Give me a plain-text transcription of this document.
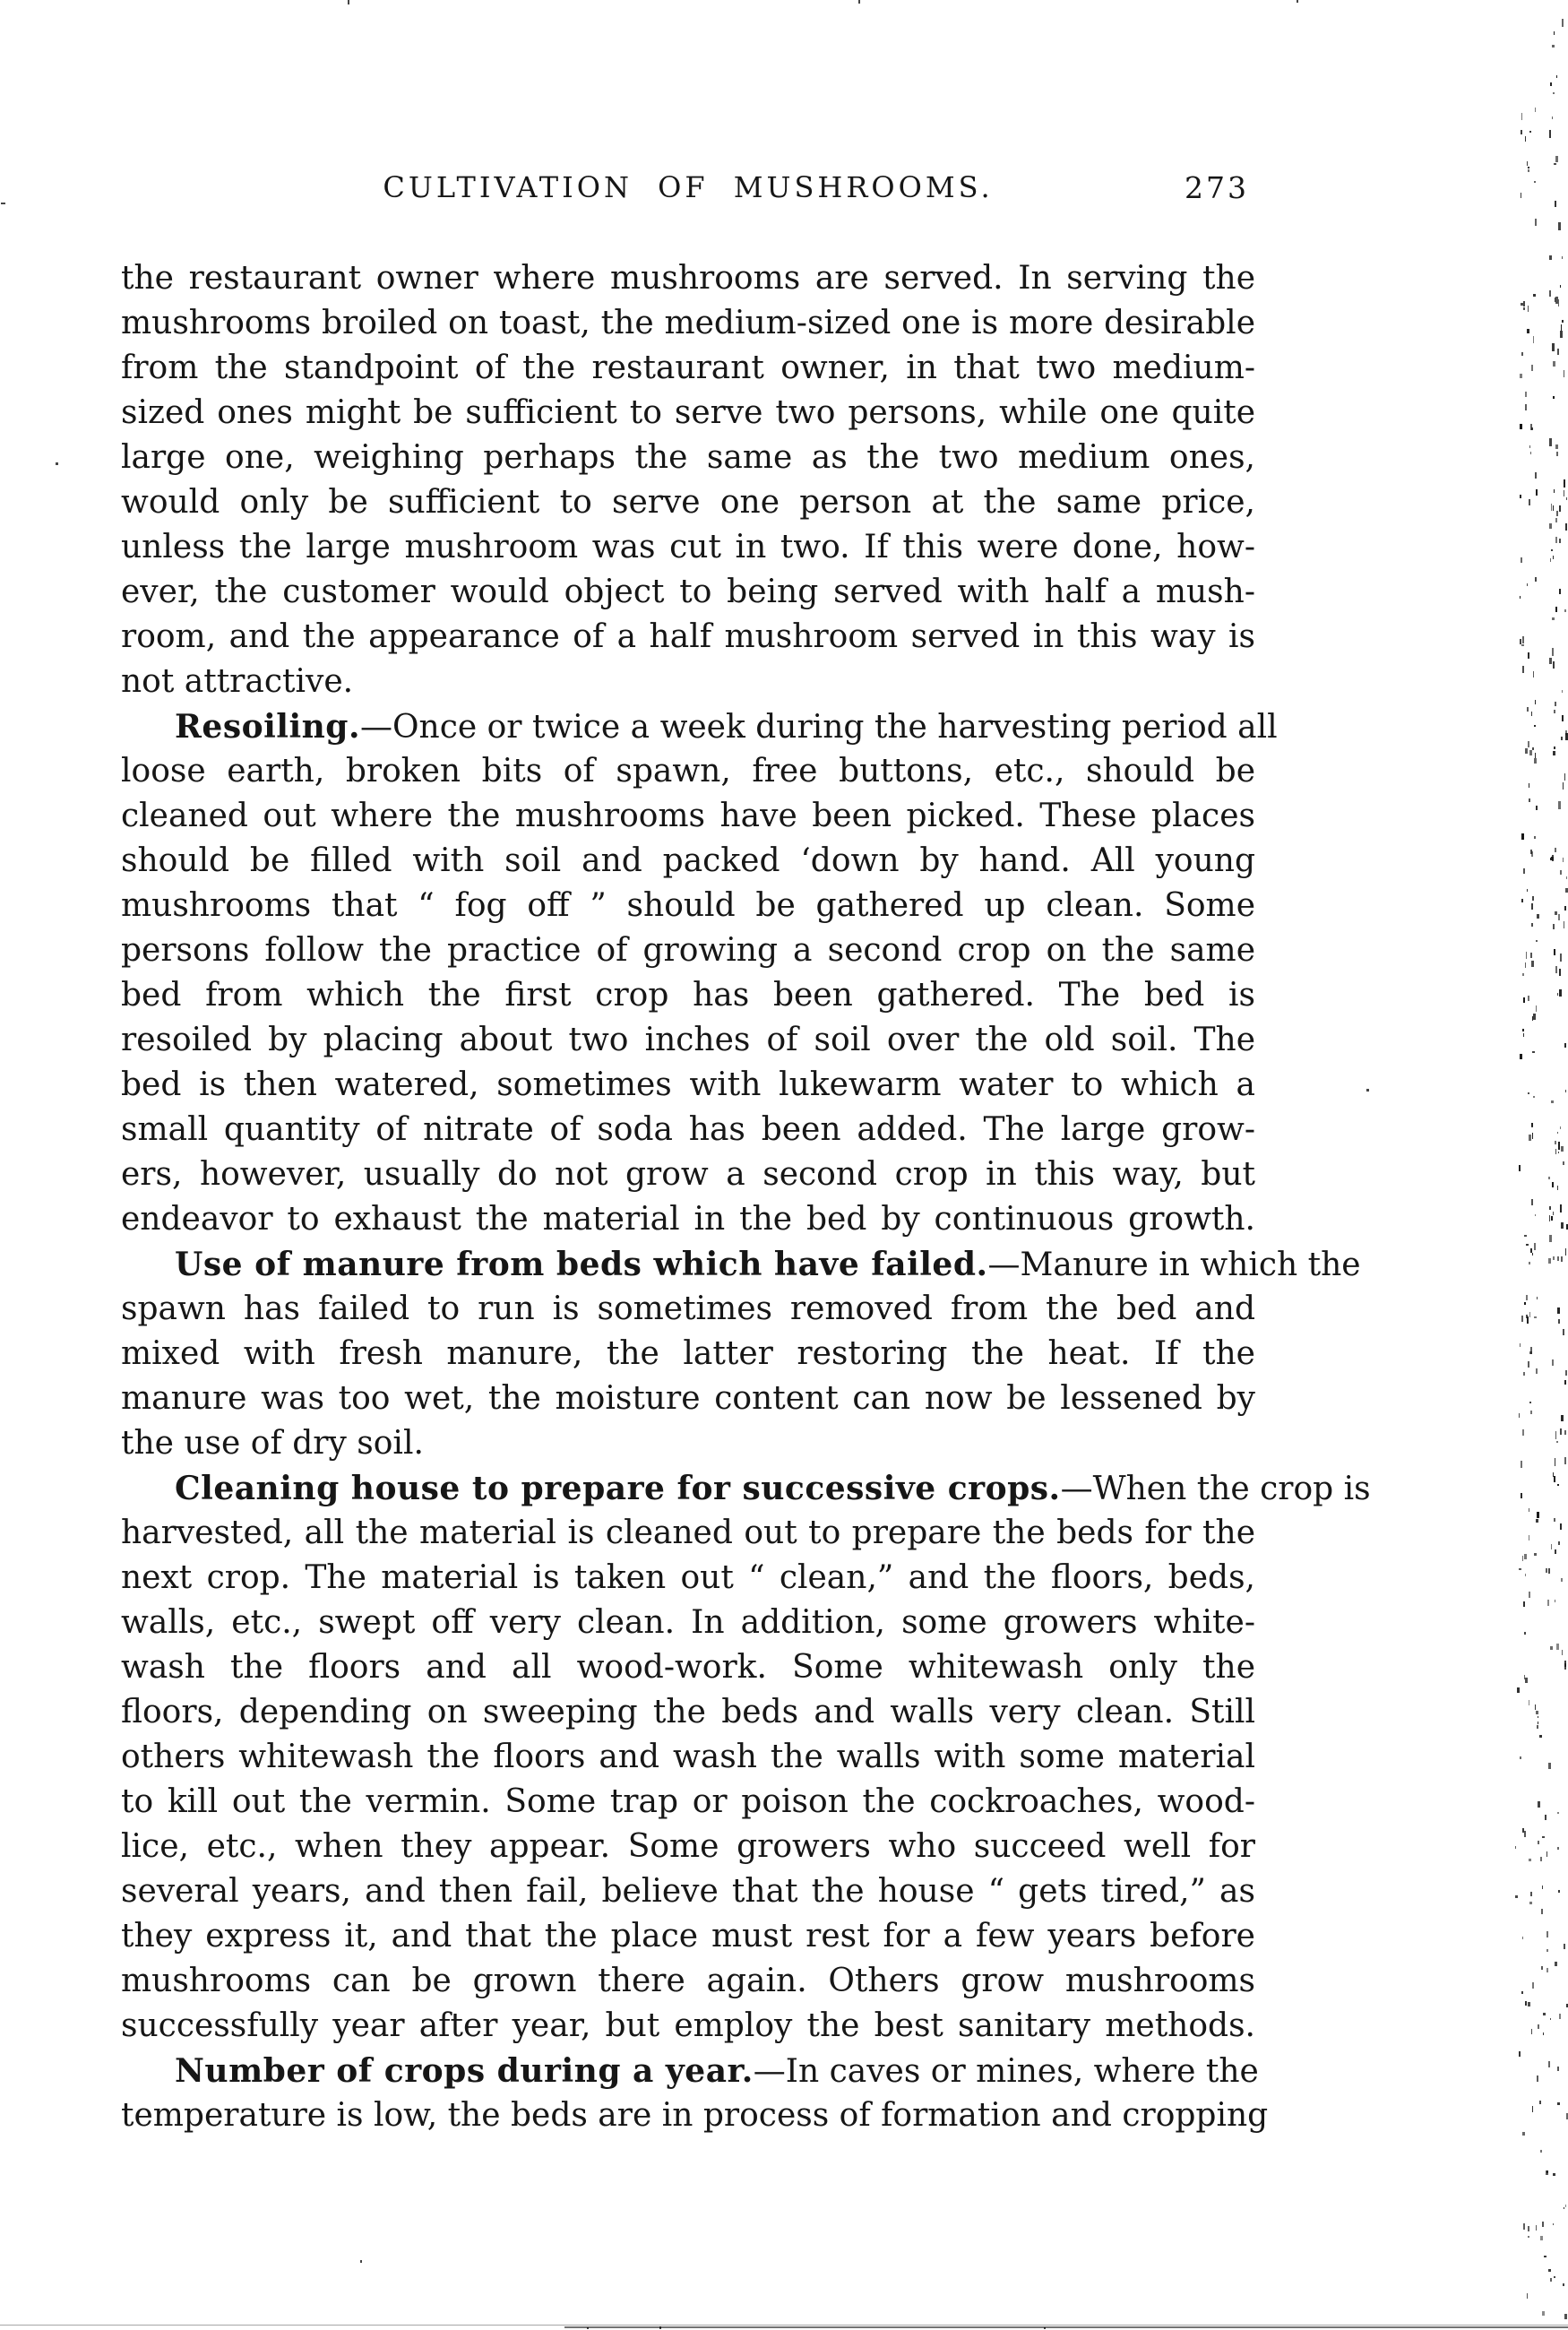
CULTIVATION OF MUSHROOMS.	273
the restaurant owner where mushrooms are served. In serving the
mushrooms broiled on toast, the medium-sized one is more desirable
from the standpoint of the restaurant owner, in that two medium-
sized ones might be sufficient to serve two persons, while one quite
large one, weighing perhaps the same as the two medium ones,
would only be sufficient to serve one person at the same price,
unless the large mushroom was cut in two. If this were done, how-
ever, the customer would object to being served with half a mush-
room, and the appearance of a half mushroom served in this way is
not attractive.
Resoiling.—Once or twice a week during the harvesting period all
loose earth, broken bits of spawn, free buttons, etc., should be
cleaned out where the mushrooms have been picked. These places
should be filled with soil and packed ‘down by hand. All young
mushrooms that “ fog off ” should be gathered up clean. Some
persons follow the practice of growing a second crop on the same
bed from which the first crop has been gathered. The bed is
resoiled by placing about two inches of soil over the old soil. The
bed is then watered, sometimes with lukewarm water to which a
small quantity of nitrate of soda has been added. The large grow-
ers, however, usually do not grow a second crop in this way, but
endeavor to exhaust the material in the bed by continuous growth.
Use of manure from beds which have failed.—Manure in which the
spawn has failed to run is sometimes removed from the bed and
mixed with fresh manure, the latter restoring the heat. If the
manure was too wet, the moisture content can now be lessened by
the use of dry soil.
Cleaning house to prepare for successive crops.—When the crop is
harvested, all the material is cleaned out to prepare the beds for the
next crop. The material is taken out “ clean,” and the floors, beds,
walls, etc., swept off very clean. In addition, some growers white-
wash the floors and all wood-work. Some whitewash only the
floors, depending on sweeping the beds and walls very clean. Still
others whitewash the floors and wash the walls with some material
to kill out the vermin. Some trap or poison the cockroaches, wood-
lice, etc., when they appear. Some growers who succeed well for
several years, and then fail, believe that the house “ gets tired,” as
they express it, and that the place must rest for a few years before
mushrooms can be grown there again. Others grow mushrooms
successfully year after year, but employ the best sanitary methods.
Number of crops during a year.—In caves or mines, where the
temperature is low, the beds are in process of formation and cropping
